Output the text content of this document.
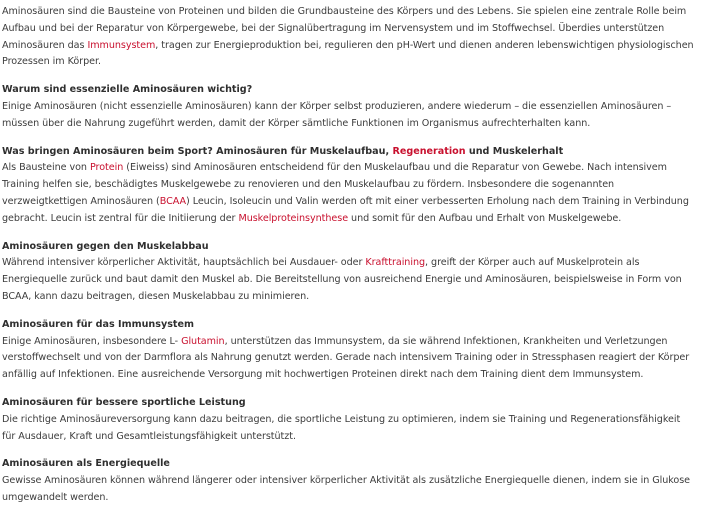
Aminosäuren sind die Bausteine von Proteinen und bilden die Grundbausteine des Körpers und des Lebens. Sie spielen eine zentrale Rolle beim Aufbau und bei der Reparatur von Körpergewebe, bei der Signalübertragung im Nervensystem und im Stoffwechsel. Überdies unterstützen Aminosäuren das Immunsystem, tragen zur Energieproduktion bei, regulieren den pH-Wert und dienen anderen lebenswichtigen physiologischen Prozessen im Körper.

Warum sind essenzielle Aminosäuren wichtig?

Einige Aminosäuren (nicht essenzielle Aminosäuren) kann der Körper selbst produzieren, andere wiederum – die essenziellen Aminosäuren – müssen über die Nahrung zugeführt werden, damit der Körper sämtliche Funktionen im Organismus aufrechterhalten kann.

Was bringen Aminosäuren beim Sport? Aminosäuren für Muskelaufbau, Regeneration und Muskelerhalt

Als Bausteine von Protein (Eiweiss) sind Aminosäuren entscheidend für den Muskelaufbau und die Reparatur von Gewebe. Nach intensivem Training helfen sie, beschädigtes Muskelgewebe zu renovieren und den Muskelaufbau zu fördern. Insbesondere die sogenannten verzweigtkettigen Aminosäuren (BCAA) Leucin, Isoleucin und Valin werden oft mit einer verbesserten Erholung nach dem Training in Verbindung gebracht. Leucin ist zentral für die Initiierung der Muskelproteinsynthese und somit für den Aufbau und Erhalt von Muskelgewebe.

Aminosäuren gegen den Muskelabbau

Während intensiver körperlicher Aktivität, hauptsächlich bei Ausdauer- oder Krafttraining, greift der Körper auch auf Muskelprotein als Energiequelle zurück und baut damit den Muskel ab. Die Bereitstellung von ausreichend Energie und Aminosäuren, beispielsweise in Form von BCAA, kann dazu beitragen, diesen Muskelabbau zu minimieren.

Aminosäuren für das Immunsystem

Einige Aminosäuren, insbesondere L- Glutamin, unterstützen das Immunsystem, da sie während Infektionen, Krankheiten und Verletzungen verstoffwechselt und von der Darmflora als Nahrung genutzt werden. Gerade nach intensivem Training oder in Stressphasen reagiert der Körper anfällig auf Infektionen. Eine ausreichende Versorgung mit hochwertigen Proteinen direkt nach dem Training dient dem Immunsystem.

Aminosäuren für bessere sportliche Leistung

Die richtige Aminosäureversorgung kann dazu beitragen, die sportliche Leistung zu optimieren, indem sie Training und Regenerationsfähigkeit für Ausdauer, Kraft und Gesamtleistungsfähigkeit unterstützt.

Aminosäuren als Energiequelle

Gewisse Aminosäuren können während längerer oder intensiver körperlicher Aktivität als zusätzliche Energiequelle dienen, indem sie in Glukose umgewandelt werden.
